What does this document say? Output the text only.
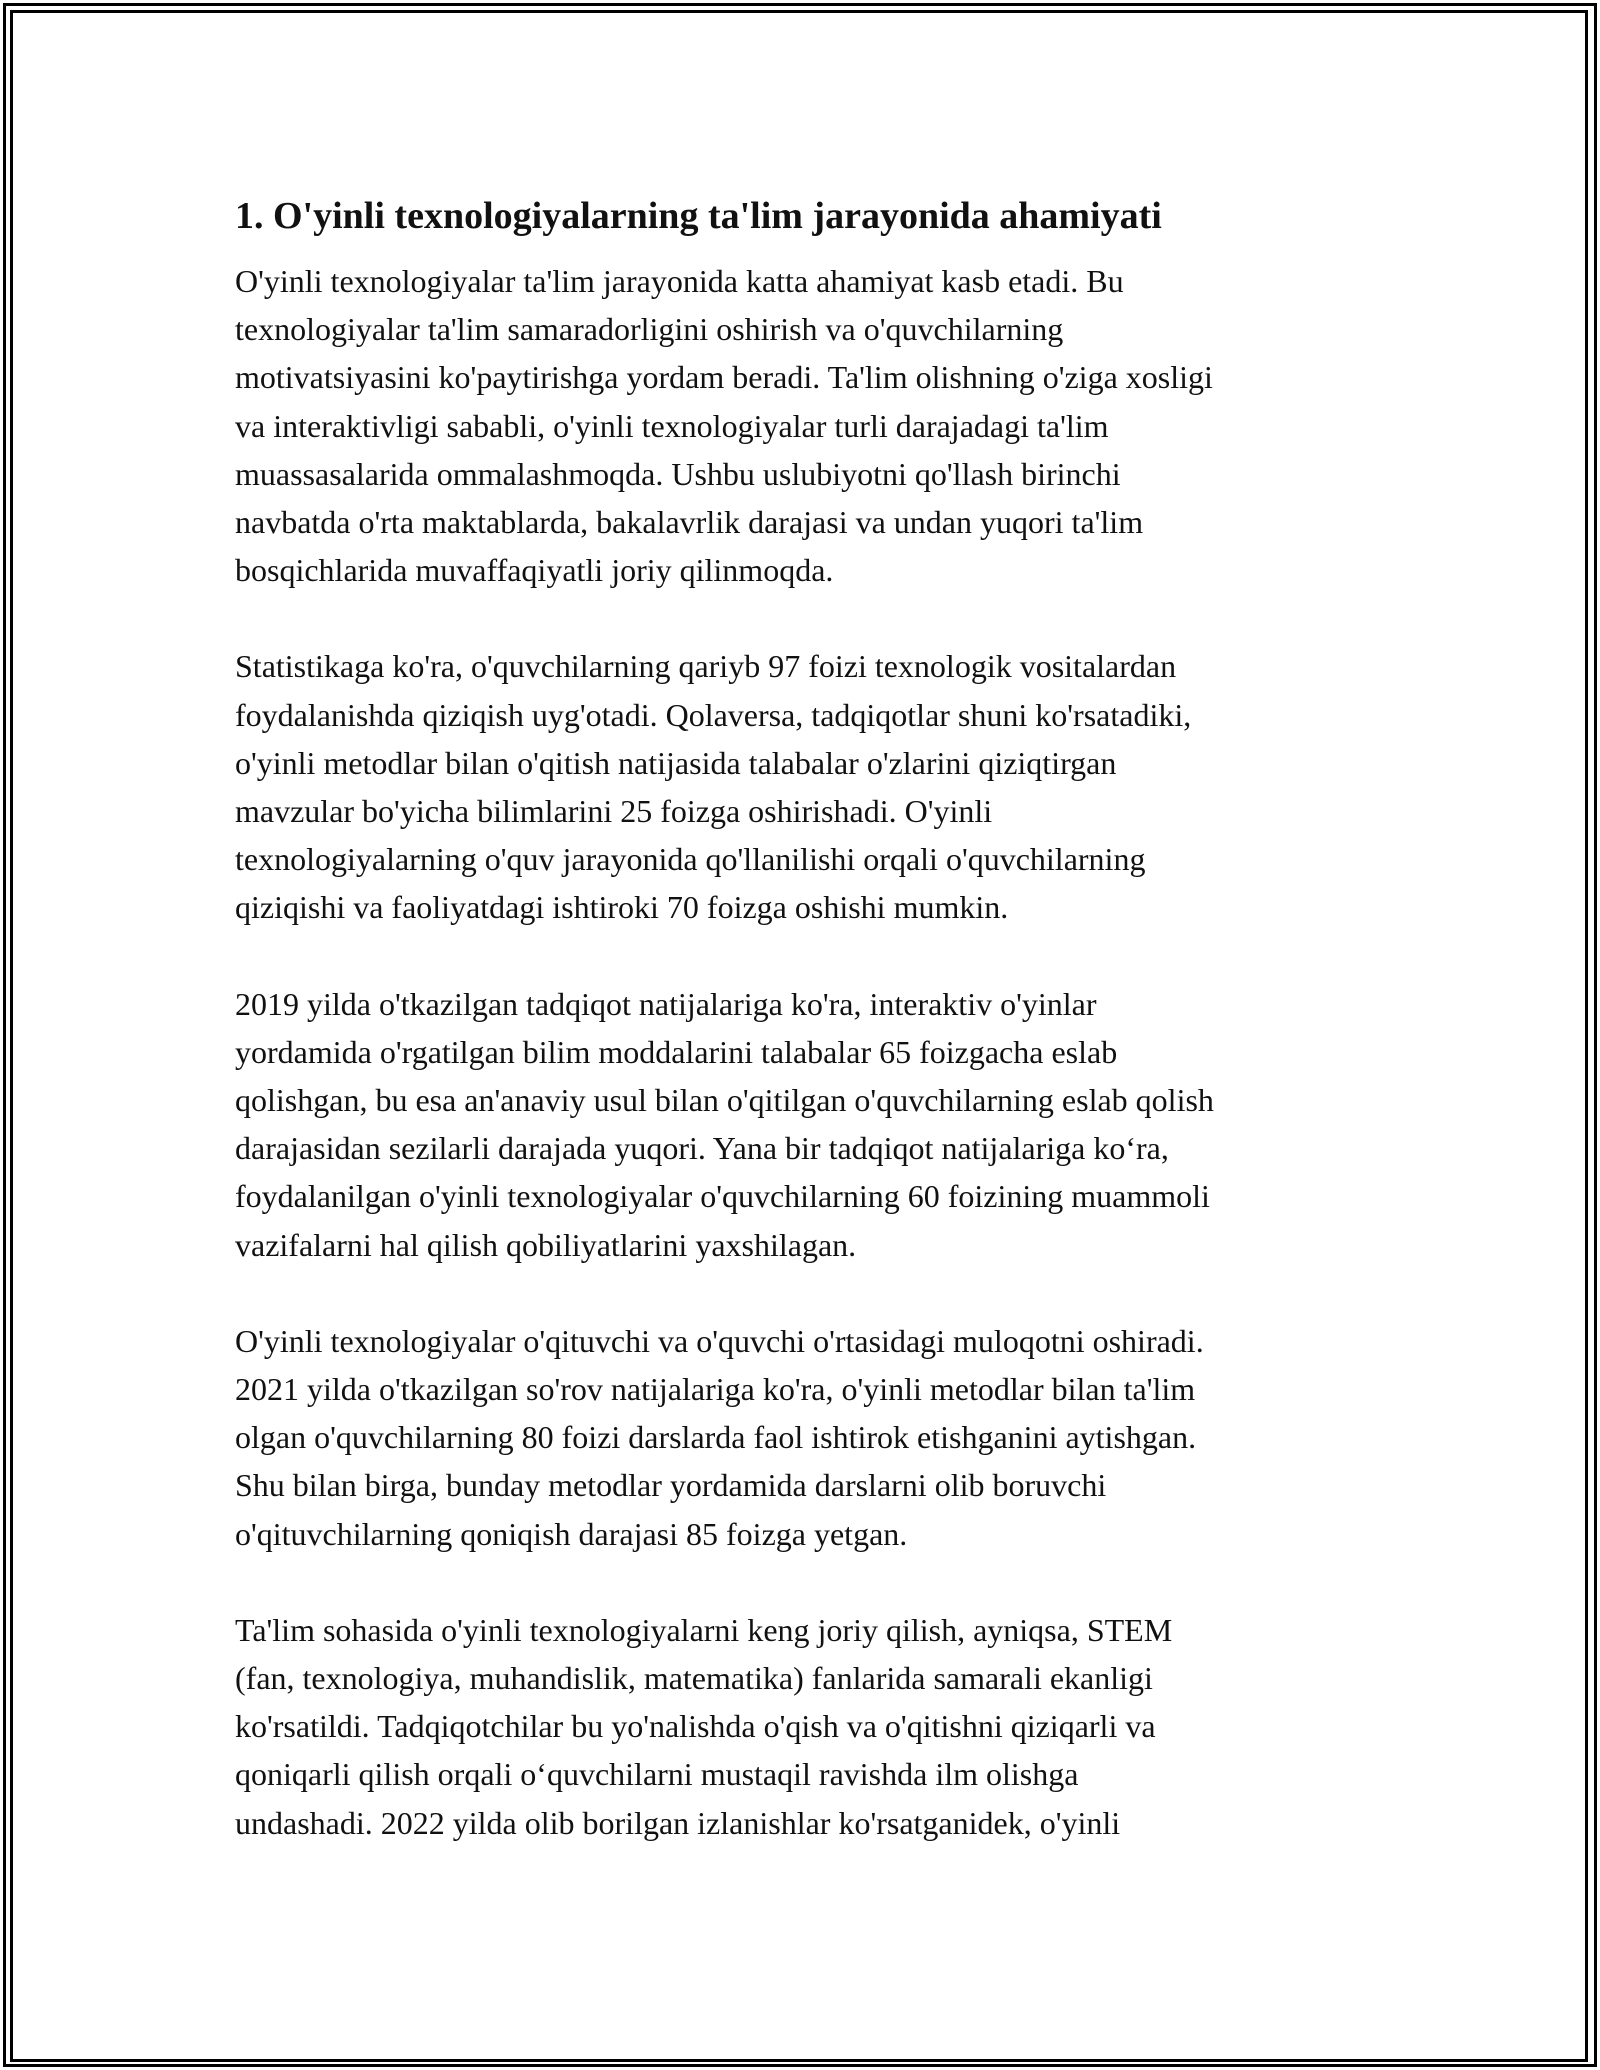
1. O'yinli texnologiyalarning ta'lim jarayonida ahamiyati
O'yinli texnologiyalar ta'lim jarayonida katta ahamiyat kasb etadi. Bu
texnologiyalar ta'lim samaradorligini oshirish va o'quvchilarning
motivatsiyasini ko'paytirishga yordam beradi. Ta'lim olishning o'ziga xosligi
va interaktivligi sababli, o'yinli texnologiyalar turli darajadagi ta'lim
muassasalarida ommalashmoqda. Ushbu uslubiyotni qo'llash birinchi
navbatda o'rta maktablarda, bakalavrlik darajasi va undan yuqori ta'lim
bosqichlarida muvaffaqiyatli joriy qilinmoqda.
Statistikaga ko'ra, o'quvchilarning qariyb 97 foizi texnologik vositalardan
foydalanishda qiziqish uyg'otadi. Qolaversa, tadqiqotlar shuni ko'rsatadiki,
o'yinli metodlar bilan o'qitish natijasida talabalar o'zlarini qiziqtirgan
mavzular bo'yicha bilimlarini 25 foizga oshirishadi. O'yinli
texnologiyalarning o'quv jarayonida qo'llanilishi orqali o'quvchilarning
qiziqishi va faoliyatdagi ishtiroki 70 foizga oshishi mumkin.
2019 yilda o'tkazilgan tadqiqot natijalariga ko'ra, interaktiv o'yinlar
yordamida o'rgatilgan bilim moddalarini talabalar 65 foizgacha eslab
qolishgan, bu esa an'anaviy usul bilan o'qitilgan o'quvchilarning eslab qolish
darajasidan sezilarli darajada yuqori. Yana bir tadqiqot natijalariga ko‘ra,
foydalanilgan o'yinli texnologiyalar o'quvchilarning 60 foizining muammoli
vazifalarni hal qilish qobiliyatlarini yaxshilagan.
O'yinli texnologiyalar o'qituvchi va o'quvchi o'rtasidagi muloqotni oshiradi.
2021 yilda o'tkazilgan so'rov natijalariga ko'ra, o'yinli metodlar bilan ta'lim
olgan o'quvchilarning 80 foizi darslarda faol ishtirok etishganini aytishgan.
Shu bilan birga, bunday metodlar yordamida darslarni olib boruvchi
o'qituvchilarning qoniqish darajasi 85 foizga yetgan.
Ta'lim sohasida o'yinli texnologiyalarni keng joriy qilish, ayniqsa, STEM
(fan, texnologiya, muhandislik, matematika) fanlarida samarali ekanligi
ko'rsatildi. Tadqiqotchilar bu yo'nalishda o'qish va o'qitishni qiziqarli va
qoniqarli qilish orqali o‘quvchilarni mustaqil ravishda ilm olishga
undashadi. 2022 yilda olib borilgan izlanishlar ko'rsatganidek, o'yinli
